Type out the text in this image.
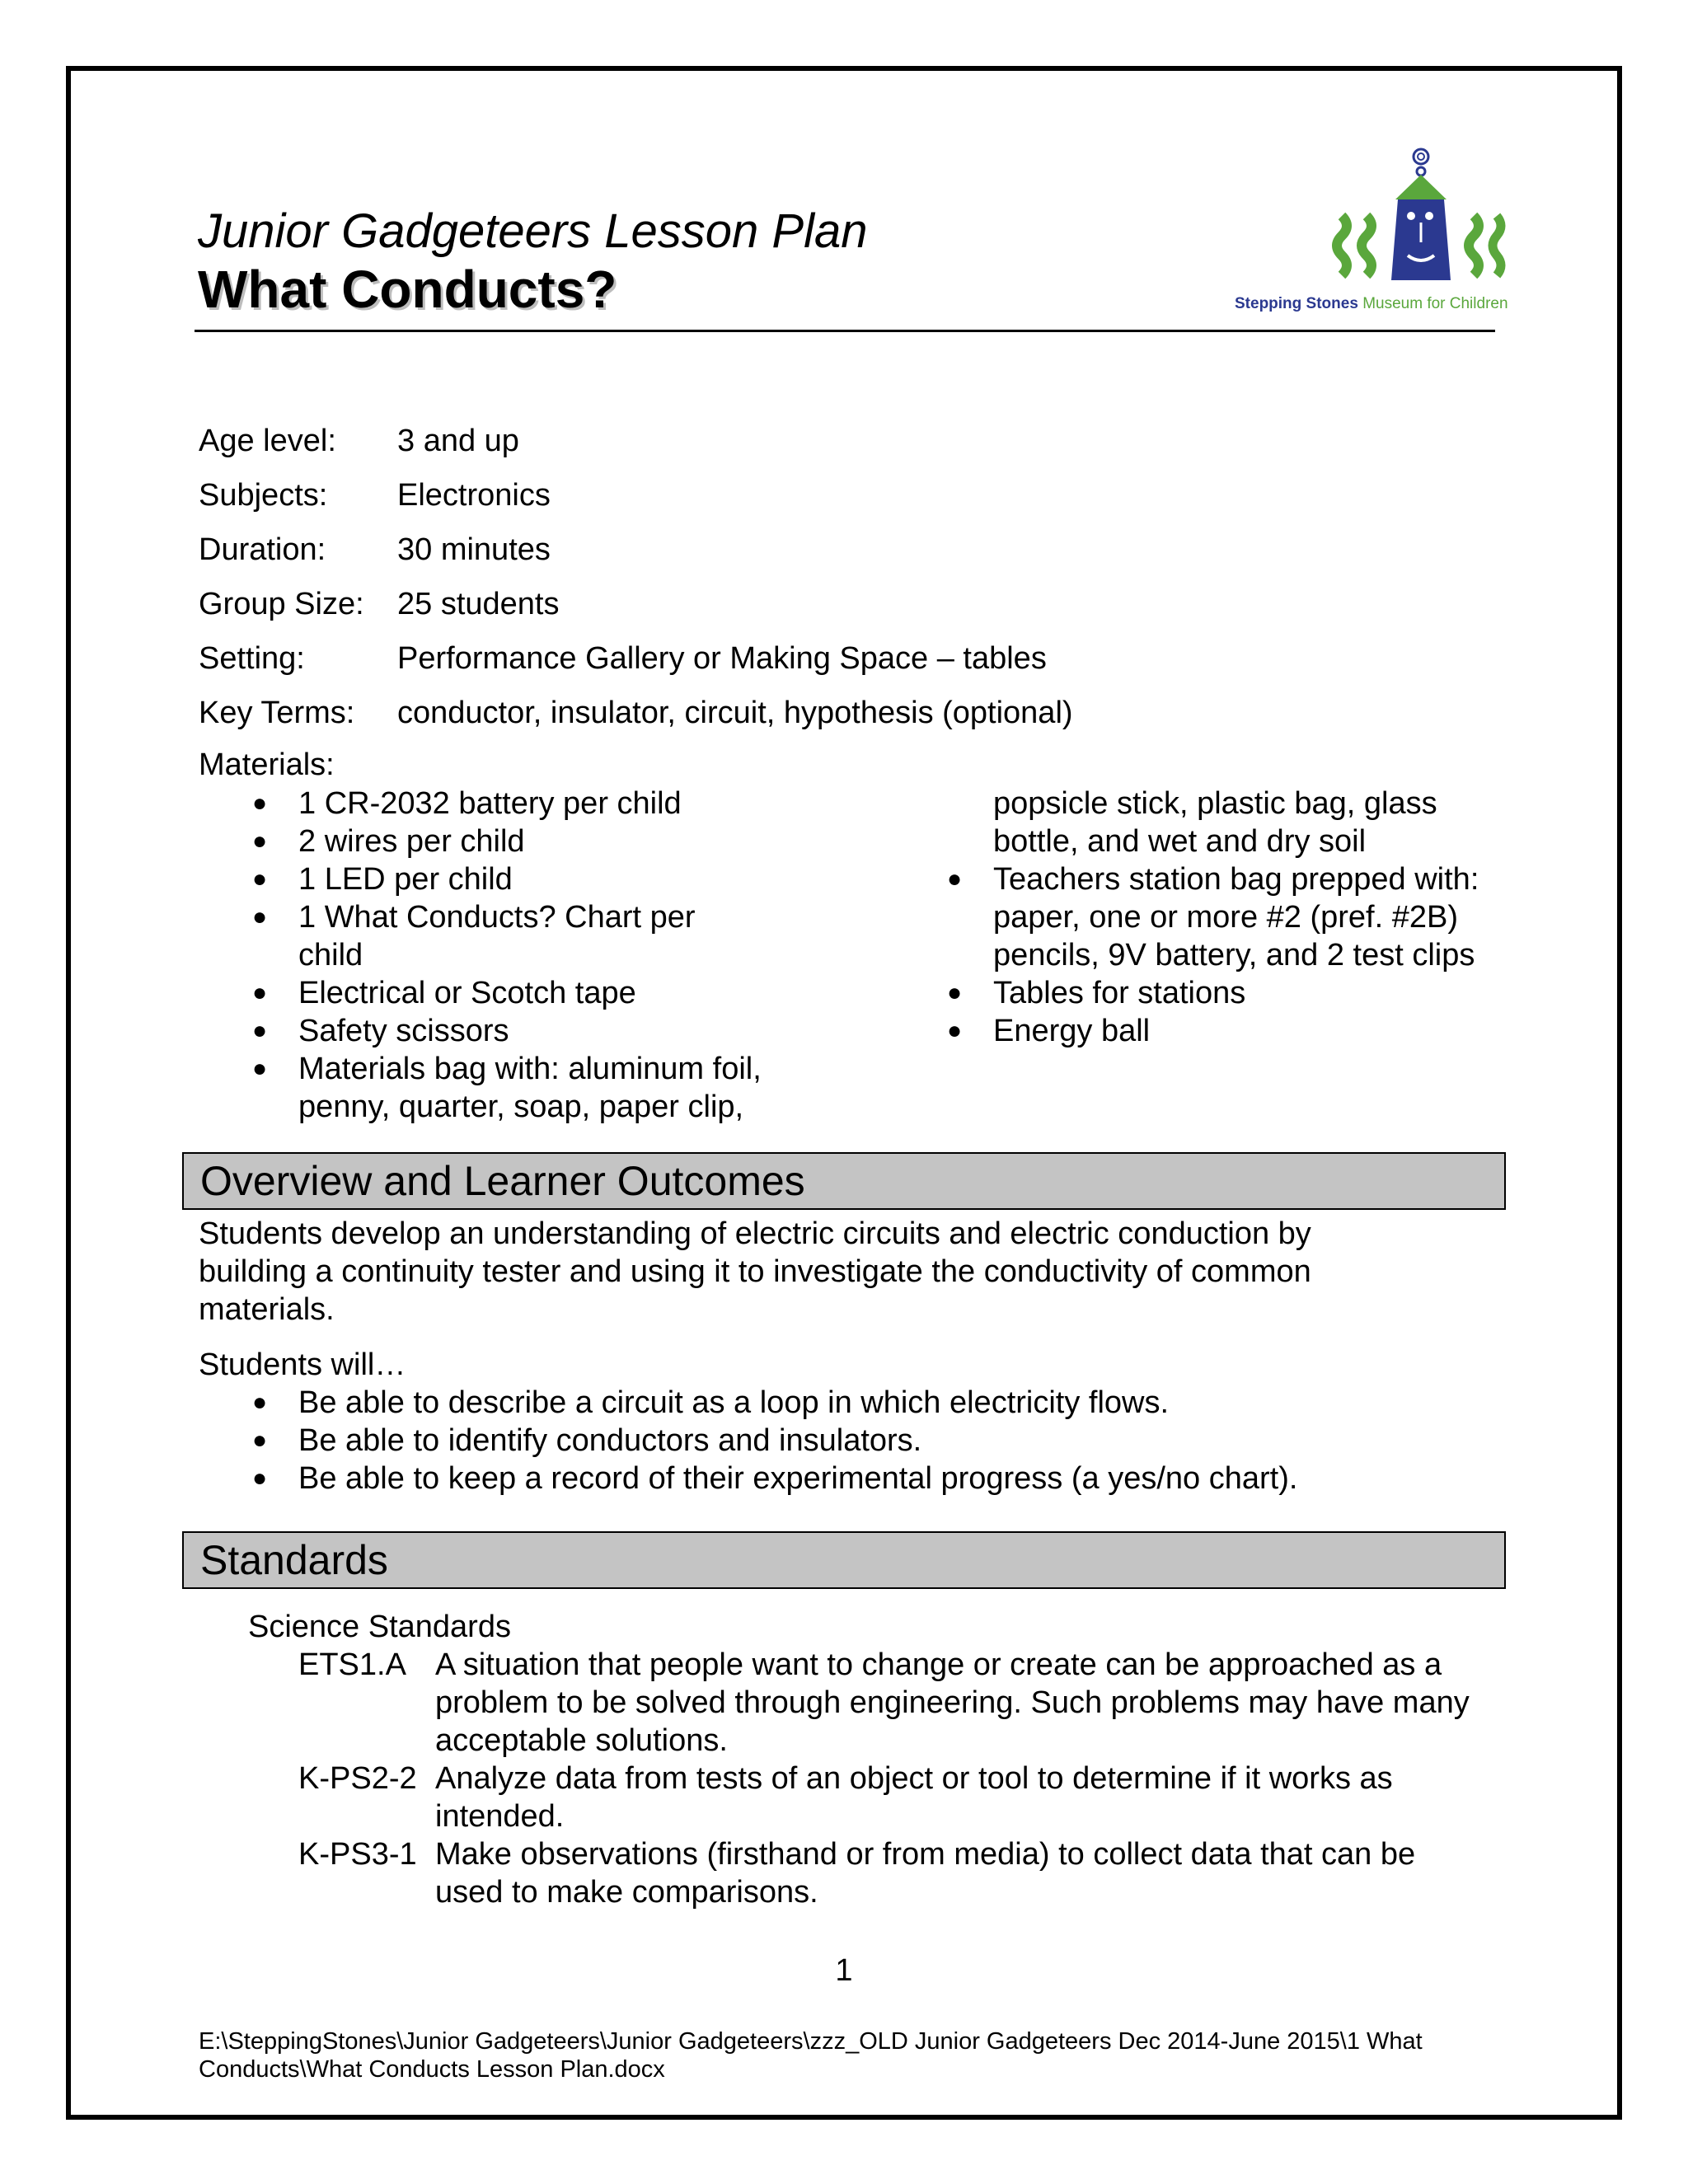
Junior Gadgeteers Lesson Plan
What Conducts?	Stepping Stones Museum for Children
Age level: 3 and up
Subjects: Electronics
Duration: 30 minutes
Group Size: 25 students
Setting:	Performance Gallery or Making Space – tables
Key Terms: conductor, insulator, circuit, hypothesis (optional)
Materials:
● 1 CR-2032 battery per child
● 2 wires per child
● 1 LED per child
● 1 What Conducts? Chart per child
● Electrical or Scotch tape
● Safety scissors
● Materials bag with: aluminum foil, penny, quarter, soap, paper clip,
popsicle stick, plastic bag, glass bottle, and wet and dry soil
● Teachers station bag prepped with: paper, one or more #2 (pref. #2B) pencils, 9V battery, and 2 test clips
● Tables for stations
● Energy ball
Overview and Learner Outcomes
Students develop an understanding of electric circuits and electric conduction by building a continuity tester and using it to investigate the conductivity of common materials.
Students will…
● Be able to describe a circuit as a loop in which electricity flows.
● Be able to identify conductors and insulators.
● Be able to keep a record of their experimental progress (a yes/no chart).
Standards
Science Standards
ETS1.A A situation that people want to change or create can be approached as a problem to be solved through engineering. Such problems may have many acceptable solutions.
K-PS2-2 Analyze data from tests of an object or tool to determine if it works as intended.
K-PS3-1 Make observations (firsthand or from media) to collect data that can be used to make comparisons.
1
E:\SteppingStones\Junior Gadgeteers\Junior Gadgeteers\zzz_OLD Junior Gadgeteers Dec 2014-June 2015\1 What Conducts\What Conducts Lesson Plan.docx
